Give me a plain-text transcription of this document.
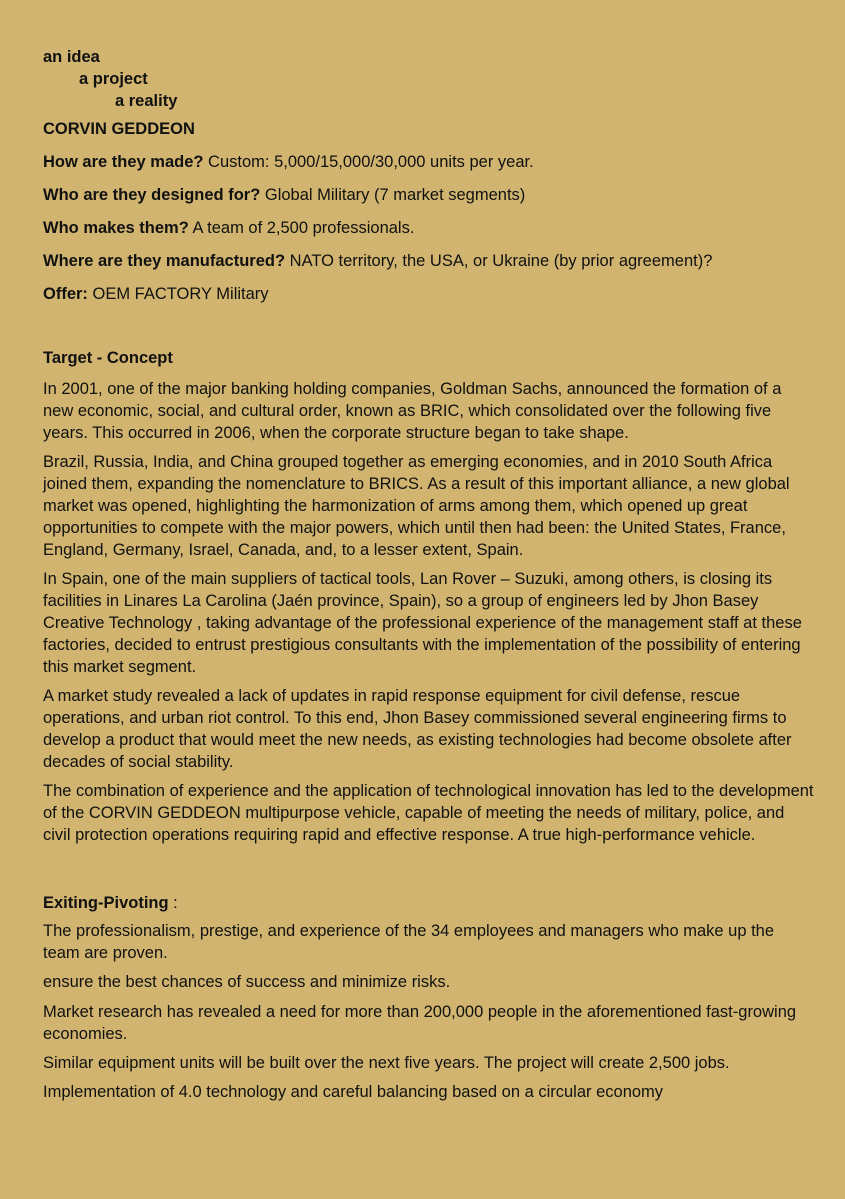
an idea
a project
a reality
CORVIN GEDDEON

How are they made? Custom: 5,000/15,000/30,000 units per year.

Who are they designed for? Global Military (7 market segments)

Who makes them? A team of 2,500 professionals.

Where are they manufactured? NATO territory, the USA, or Ukraine (by prior agreement)?

Offer: OEM FACTORY Military

Target - Concept

In 2001, one of the major banking holding companies, Goldman Sachs, announced the formation of a new economic, social, and cultural order, known as BRIC, which consolidated over the following five years. This occurred in 2006, when the corporate structure began to take shape.

Brazil, Russia, India, and China grouped together as emerging economies, and in 2010 South Africa joined them, expanding the nomenclature to BRICS. As a result of this important alliance, a new global market was opened, highlighting the harmonization of arms among them, which opened up great opportunities to compete with the major powers, which until then had been: the United States, France, England, Germany, Israel, Canada, and, to a lesser extent, Spain.

In Spain, one of the main suppliers of tactical tools, Lan Rover – Suzuki, among others, is closing its facilities in Linares La Carolina (Jaén province, Spain), so a group of engineers led by Jhon Basey Creative Technology , taking advantage of the professional experience of the management staff at these factories, decided to entrust prestigious consultants with the implementation of the possibility of entering this market segment.

A market study revealed a lack of updates in rapid response equipment for civil defense, rescue operations, and urban riot control. To this end, Jhon Basey commissioned several engineering firms to develop a product that would meet the new needs, as existing technologies had become obsolete after decades of social stability.

The combination of experience and the application of technological innovation has led to the development of the CORVIN GEDDEON multipurpose vehicle, capable of meeting the needs of military, police, and civil protection operations requiring rapid and effective response. A true high-performance vehicle.

Exiting-Pivoting :

The professionalism, prestige, and experience of the 34 employees and managers who make up the team are proven.

ensure the best chances of success and minimize risks.

Market research has revealed a need for more than 200,000 people in the aforementioned fast-growing economies.

Similar equipment units will be built over the next five years. The project will create 2,500 jobs.

Implementation of 4.0 technology and careful balancing based on a circular economy
